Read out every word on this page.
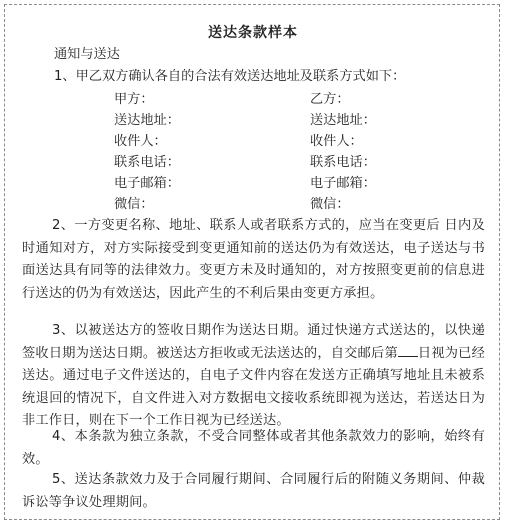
送达条款样本
通知与送达
1、甲乙双方确认各自的合法有效送达地址及联系方式如下：
甲方：
送达地址：
收件人：
联系电话：
电子邮箱：
微信：
乙方：
送达地址：
收件人：
联系电话：
电子邮箱：
微信：
2、一方变更名称、地址、联系人或者联系方式的，应当在变更后 日内及时通知对方，对方实际接受到变更通知前的送达仍为有效送达，电子送达与书面送达具有同等的法律效力。变更方未及时通知的，对方按照变更前的信息进行送达的仍为有效送达，因此产生的不利后果由变更方承担。
3、以被送达方的签收日期作为送达日期。通过快递方式送达的，以快递签收日期为送达日期。被送达方拒收或无法送达的，自交邮后第 日视为已经送达。通过电子文件送达的，自电子文件内容在发送方正确填写地址且未被系统退回的情况下，自文件进入对方数据电文接收系统即视为送达，若送达日为非工作日，则在下一个工作日视为已经送达。
4、本条款为独立条款，不受合同整体或者其他条款效力的影响，始终有效。
5、送达条款效力及于合同履行期间、合同履行后的附随义务期间、仲裁诉讼等争议处理期间。
